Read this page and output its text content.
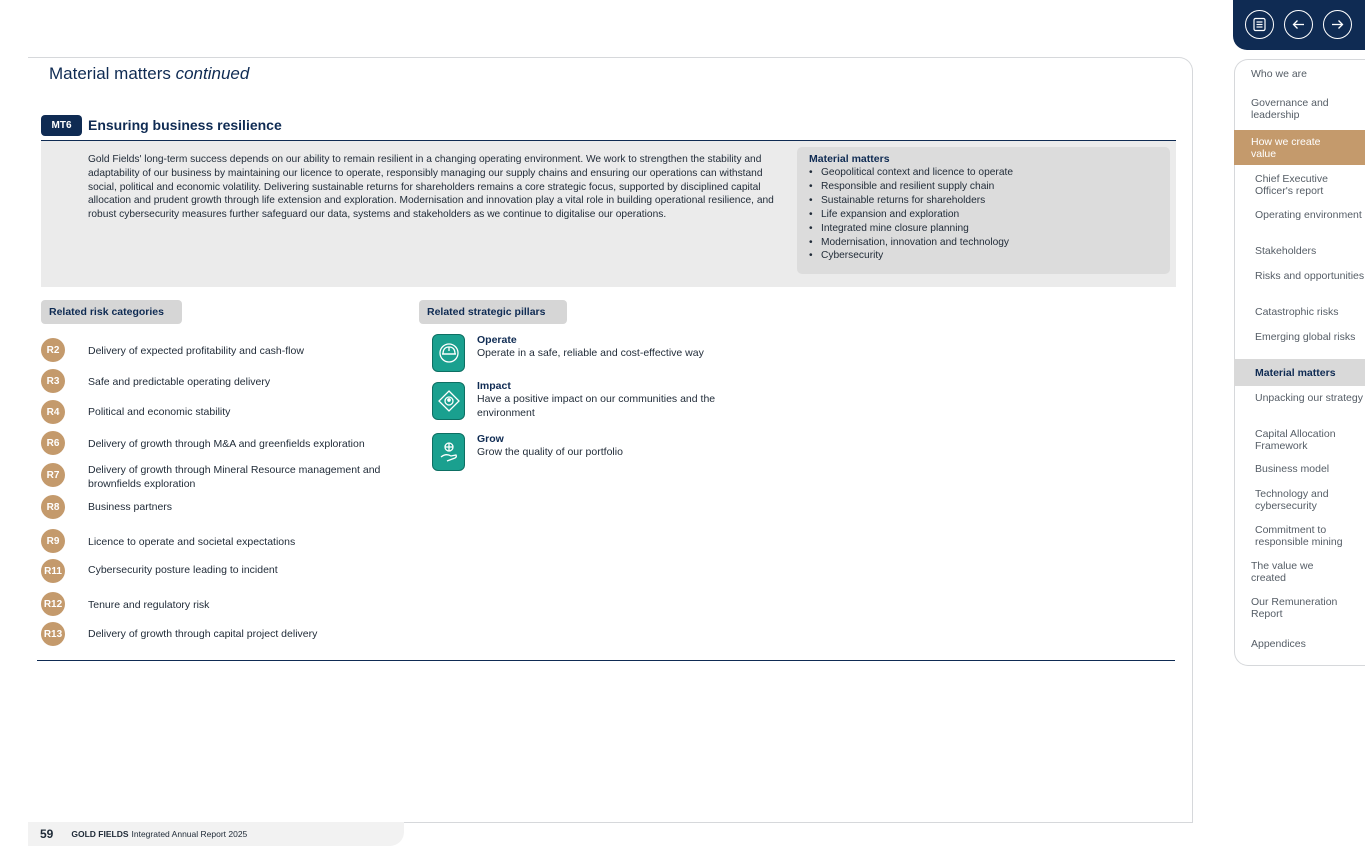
Material matters continued
MT6	Ensuring business resilience

Gold Fields' long-term success depends on our ability to remain resilient in a changing operating environment. We work to strengthen the stability and adaptability of our business by maintaining our licence to operate, responsibly managing our supply chains and ensuring our operations can withstand social, political and economic volatility. Delivering sustainable returns for shareholders remains a core strategic focus, supported by disciplined capital allocation and prudent growth through life extension and exploration. Modernisation and innovation play a vital role in building operational resilience, and robust cybersecurity measures further safeguard our data, systems and stakeholders as we continue to digitalise our operations.

Material matters
• Geopolitical context and licence to operate
• Responsible and resilient supply chain
• Sustainable returns for shareholders
• Life expansion and exploration
• Integrated mine closure planning
• Modernisation, innovation and technology
• Cybersecurity
Related risk categories	Related strategic pillars
R2	Delivery of expected profitability and cash-flow
R3	Safe and predictable operating delivery
R4	Political and economic stability
R6	Delivery of growth through M&A and greenfields exploration
R7	Delivery of growth through Mineral Resource management and brownfields exploration
R8	Business partners
R9	Licence to operate and societal expectations
R11 Cybersecurity posture leading to incident
R12 Tenure and regulatory risk
R13 Delivery of growth through capital project delivery
Operate
Operate in a safe, reliable and cost-effective way
Impact
Have a positive impact on our communities and the environment
Grow
Grow the quality of our portfolio
59 GOLD FIELDS Integrated Annual Report 2025
Who we are
Governance and leadership
How we create value
Chief Executive Officer's report
Operating environment
Stakeholders
Risks and opportunities
Catastrophic risks
Emerging global risks
Material matters
Unpacking our strategy
Capital Allocation Framework
Business model
Technology and cybersecurity
Commitment to responsible mining
The value we created
Our Remuneration Report
Appendices
